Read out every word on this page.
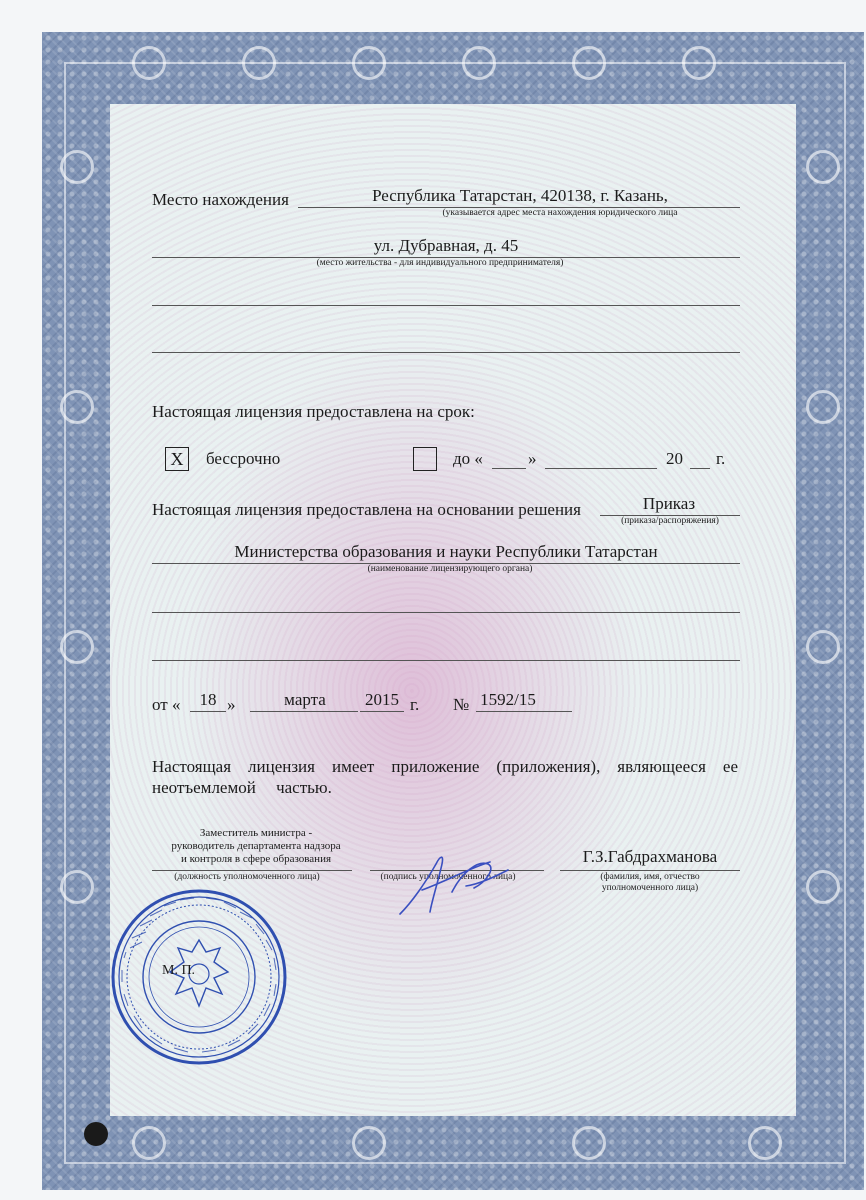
Место нахождения	Республика Татарстан, 420138, г. Казань,
(указывается адрес места нахождения юридического лица
ул. Дубравная, д. 45
(место жительства - для индивидуального предпринимателя)
Настоящая лицензия предоставлена на срок:
X	бессрочно	до «	»	20 г.
Настоящая лицензия предоставлена на основании решения	Приказ
(приказа/распоряжения)
Министерства образования и науки Республики Татарстан
(наименование лицензирующего органа)
от «	18 »	марта	2015 г. № 1592/15
Настоящая лицензия имеет приложение (приложения), являющееся ее
неотъемлемой частью.
Заместитель министра -
руководитель департамента надзора
и контроля в сфере образования
(должность уполномоченного лица)	(подпись уполномоченного лица)
Г.З.Габдрахманова
(фамилия, имя, отчество
уполномоченного лица)
М. П.
